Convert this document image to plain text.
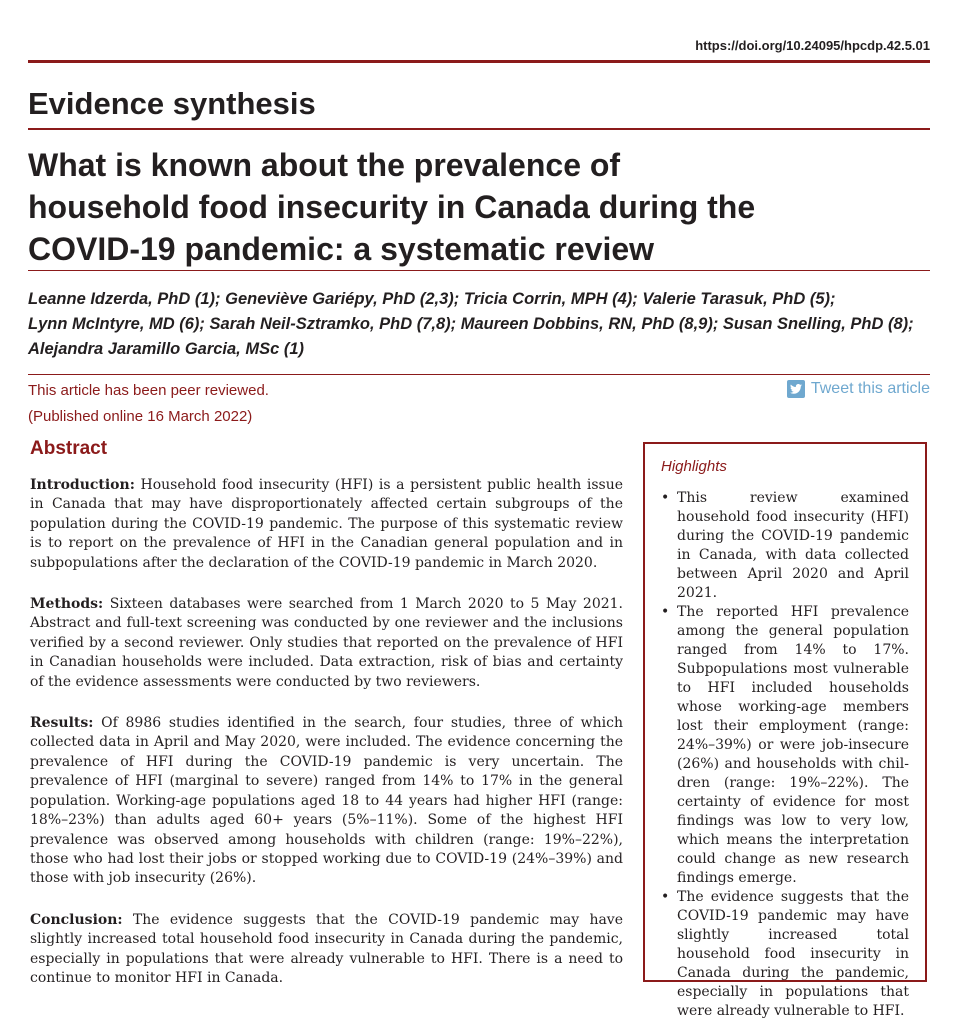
https://doi.org/10.24095/hpcdp.42.5.01
Evidence synthesis
What is known about the prevalence of household food insecurity in Canada during the COVID-19 pandemic: a systematic review
Leanne Idzerda, PhD (1); Geneviève Gariépy, PhD (2,3); Tricia Corrin, MPH (4); Valerie Tarasuk, PhD (5);
Lynn McIntyre, MD (6); Sarah Neil-Sztramko, PhD (7,8); Maureen Dobbins, RN, PhD (8,9); Susan Snelling, PhD (8);
Alejandra Jaramillo Garcia, MSc (1)
This article has been peer reviewed.
(Published online 16 March 2022)
Tweet this article
Abstract

Introduction: Household food insecurity (HFI) is a persistent public health issue in Canada that may have disproportionately affected certain subgroups of the population during the COVID-19 pandemic. The purpose of this systematic review is to report on the prevalence of HFI in the Canadian general population and in subpopulations after the declaration of the COVID-19 pandemic in March 2020.

Methods: Sixteen databases were searched from 1 March 2020 to 5 May 2021. Abstract and full-text screening was conducted by one reviewer and the inclusions verified by a second reviewer. Only studies that reported on the prevalence of HFI in Canadian households were included. Data extraction, risk of bias and certainty of the evidence assessments were conducted by two reviewers.

Results: Of 8986 studies identified in the search, four studies, three of which collected data in April and May 2020, were included. The evidence concerning the prevalence of HFI during the COVID-19 pandemic is very uncertain. The prevalence of HFI (marginal to severe) ranged from 14% to 17% in the general population. Working-age populations aged 18 to 44 years had higher HFI (range: 18%–23%) than adults aged 60+ years (5%–11%). Some of the highest HFI prevalence was observed among households with children (range: 19%–22%), those who had lost their jobs or stopped working due to COVID-19 (24%–39%) and those with job insecurity (26%).

Conclusion: The evidence suggests that the COVID-19 pandemic may have slightly increased total household food insecurity in Canada during the pandemic, especially in populations that were already vulnerable to HFI. There is a need to continue to monitor HFI in Canada.

Highlights
• This review examined household food insecurity (HFI) during the COVID-19 pandemic in Canada, with data collected between April 2020 and April 2021.
• The reported HFI prevalence among the general population ranged from 14% to 17%. Subpopulations most vulnerable to HFI included households whose working-age members lost their employment (range: 24%–39%) or were job-insecure (26%) and households with children (range: 19%–22%). The certainty of evidence for most findings was low to very low, which means the interpretation could change as new research findings emerge.
• The evidence suggests that the COVID-19 pandemic may have slightly increased total household food insecurity in Canada during the pandemic, especially in populations that were already vulnerable to HFI.
